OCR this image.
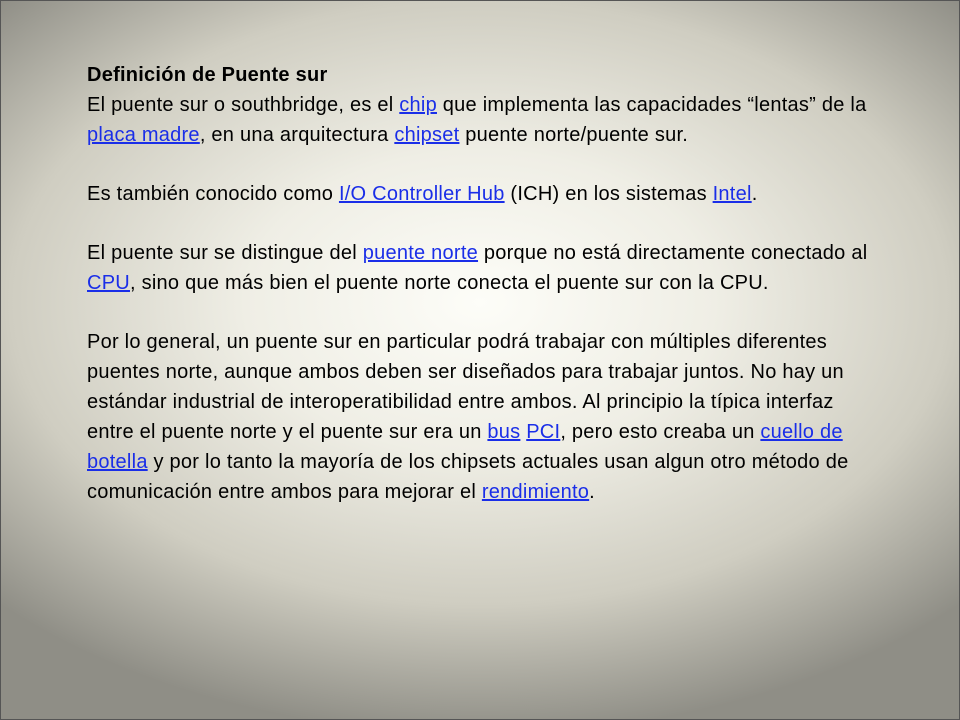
Definición de Puente sur

El puente sur o southbridge, es el chip que implementa las capacidades “lentas” de la placa madre, en una arquitectura chipset puente norte/puente sur.

Es también conocido como I/O Controller Hub (ICH) en los sistemas Intel.

El puente sur se distingue del puente norte porque no está directamente conectado al CPU, sino que más bien el puente norte conecta el puente sur con la CPU.

Por lo general, un puente sur en particular podrá trabajar con múltiples diferentes puentes norte, aunque ambos deben ser diseñados para trabajar juntos. No hay un estándar industrial de interoperatibilidad entre ambos. Al principio la típica interfaz entre el puente norte y el puente sur era un bus PCI, pero esto creaba un cuello de botella y por lo tanto la mayoría de los chipsets actuales usan algun otro método de comunicación entre ambos para mejorar el rendimiento.
